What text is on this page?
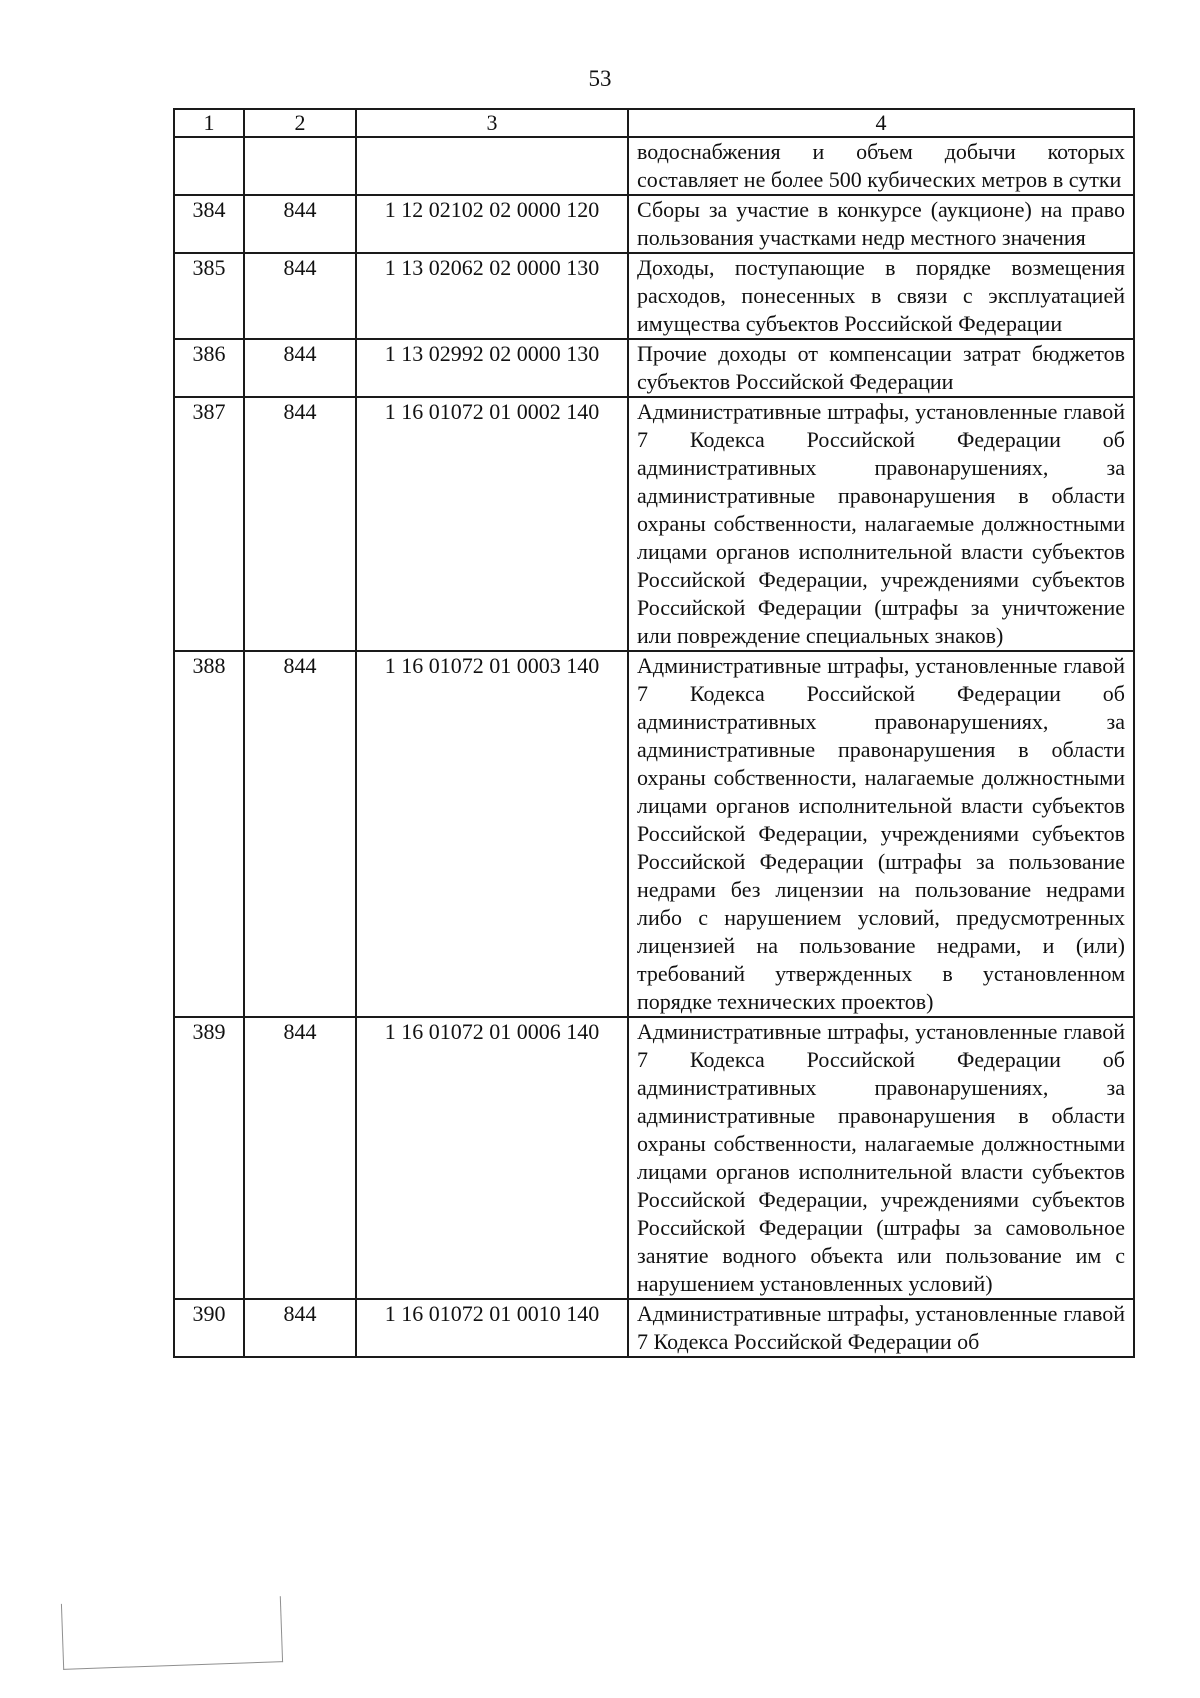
53
1	2	3	4
			водоснабжения и объем добычи которых составляет не более 500 кубических метров в сутки
384	844	1 12 02102 02 0000 120	Сборы за участие в конкурсе (аукционе) на право пользования участками недр местного значения
385	844	1 13 02062 02 0000 130	Доходы, поступающие в порядке возмещения расходов, понесенных в связи с эксплуатацией имущества субъектов Российской Федерации
386	844	1 13 02992 02 0000 130	Прочие доходы от компенсации затрат бюджетов субъектов Российской Федерации
387	844	1 16 01072 01 0002 140	Административные штрафы, установленные главой 7 Кодекса Российской Федерации об административных правонарушениях, за административные правонарушения в области охраны собственности, налагаемые должностными лицами органов исполнительной власти субъектов Российской Федерации, учреждениями субъектов Российской Федерации (штрафы за уничтожение или повреждение специальных знаков)
388	844	1 16 01072 01 0003 140	Административные штрафы, установленные главой 7 Кодекса Российской Федерации об административных правонарушениях, за административные правонарушения в области охраны собственности, налагаемые должностными лицами органов исполнительной власти субъектов Российской Федерации, учреждениями субъектов Российской Федерации (штрафы за пользование недрами без лицензии на пользование недрами либо с нарушением условий, предусмотренных лицензией на пользование недрами, и (или) требований утвержденных в установленном порядке технических проектов)
389	844	1 16 01072 01 0006 140	Административные штрафы, установленные главой 7 Кодекса Российской Федерации об административных правонарушениях, за административные правонарушения в области охраны собственности, налагаемые должностными лицами органов исполнительной власти субъектов Российской Федерации, учреждениями субъектов Российской Федерации (штрафы за самовольное занятие водного объекта или пользование им с нарушением установленных условий)
390	844	1 16 01072 01 0010 140	Административные штрафы, установленные главой 7 Кодекса Российской Федерации об
